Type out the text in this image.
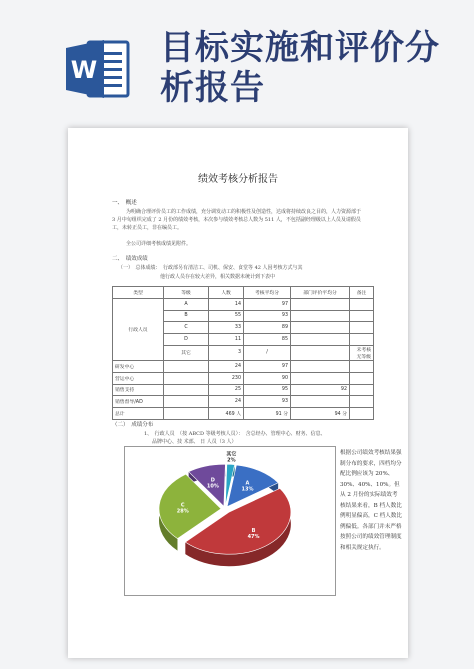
W
目标实施和评价分析报告
绩效考核分析报告
一、　概述
为明确合理评价员工的工作成绩，充分调发动工的积极性及创造性，达成将持续改良之目的，人力资源部于 3 月中旬组织完成了 2 月份的绩效考核，本次参与绩效考核总人数为 511 人，不包括副经理级以上人员及请假员工，未转正员工，非在编员工。
全公司详细考核成绩见附件。
二、　绩效成绩
（一）　总体成绩：　行政部另有清洁工、司机、保安、食堂等 42 人因考核方式与其
他行政人员存在较大差异，相关数据未统计到下表中
类型	等级	人数	考核平均分	部门评价平均分	备注
行政人员	A	14	97		
	B	55	93		
	C	33	89		
	D	11	85		
	其它	3	/		未考核无等级
研发中心		24	97		
营运中心		230	90		
销售支持		25	95	92	
销售督导/AD		24	93		
总计		469 人	91 分	94 分	
（二）　成绩分布
1、　行政人员　（按 ABCD 等级考核人员）：　含总经办、管理中心、财务、信息、
品牌中心、技 术部、 日 人员（3 人）
A
13%
B
47%
C
28%
D
10%
其它
2%
根据公司绩效考核结果强制分布的要求，四档均分配比例应该为 20%、30%、40%、10%。但从 2 月份的实际绩效考核结果来看，B 档人数比例明显偏高，C 档人数比例偏低。各部门并未严格按照公司的绩效管理制度和相关规定执行。
